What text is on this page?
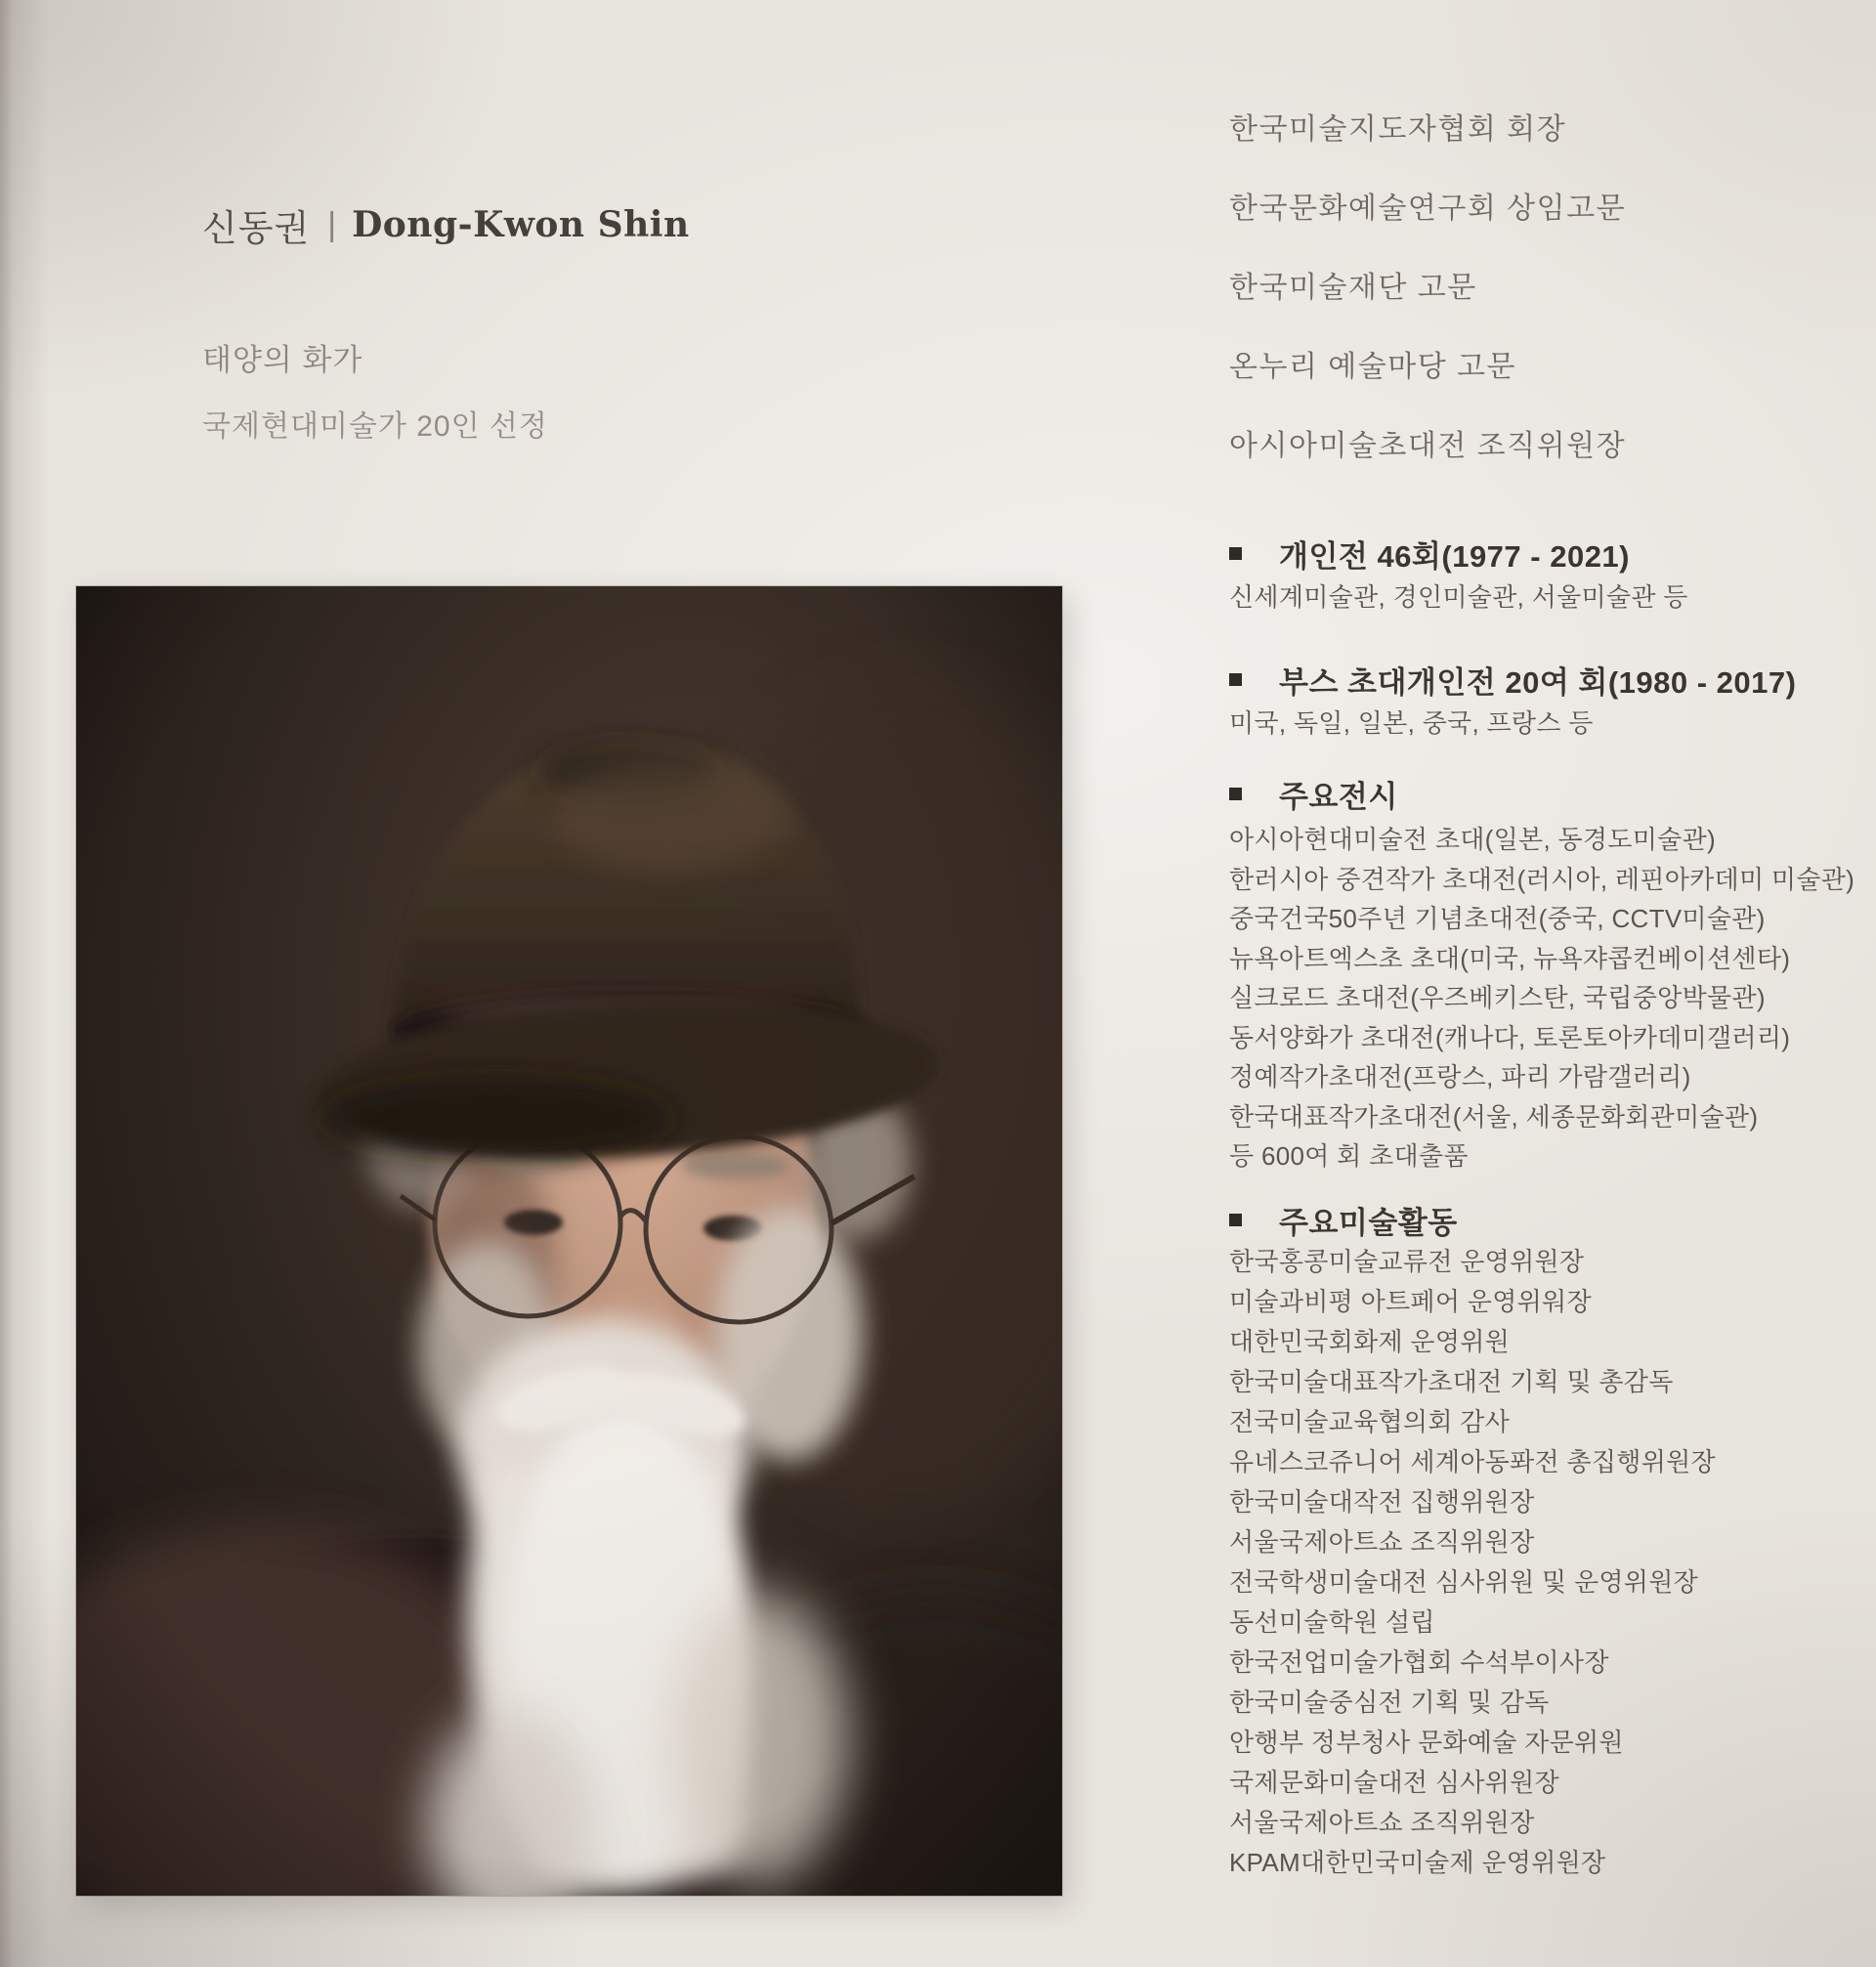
신동권 | Dong-Kwon Shin
태양의 화가
국제현대미술가 20인 선정
한국미술지도자협회 회장
한국문화예술연구회 상임고문
한국미술재단 고문
온누리 예술마당 고문
아시아미술초대전 조직위원장
개인전 46회(1977 - 2021)
신세계미술관, 경인미술관, 서울미술관 등
부스 초대개인전 20여 회(1980 - 2017)
미국, 독일, 일본, 중국, 프랑스 등
주요전시
아시아현대미술전 초대(일본, 동경도미술관)
한러시아 중견작가 초대전(러시아, 레핀아카데미 미술관)
중국건국50주년 기념초대전(중국, CCTV미술관)
뉴욕아트엑스초 초대(미국, 뉴욕쟈콥컨베이션센타)
실크로드 초대전(우즈베키스탄, 국립중앙박물관)
동서양화가 초대전(캐나다, 토론토아카데미갤러리)
정예작가초대전(프랑스, 파리 가람갤러리)
한국대표작가초대전(서울, 세종문화회관미술관)
등 600여 회 초대출품
주요미술활동
한국홍콩미술교류전 운영위원장
미술과비평 아트페어 운영위워장
대한민국회화제 운영위원
한국미술대표작가초대전 기획 및 총감독
전국미술교육협의회 감사
유네스코쥬니어 세계아동퐈전 총집행위원장
한국미술대작전 집행위원장
서울국제아트쇼 조직위원장
전국학생미술대전 심사위원 및 운영위원장
동선미술학원 설립
한국전업미술가협회 수석부이사장
한국미술중심전 기획 및 감독
안행부 정부청사 문화예술 자문위원
국제문화미술대전 심사위원장
서울국제아트쇼 조직위원장
KPAM대한민국미술제 운영위원장
